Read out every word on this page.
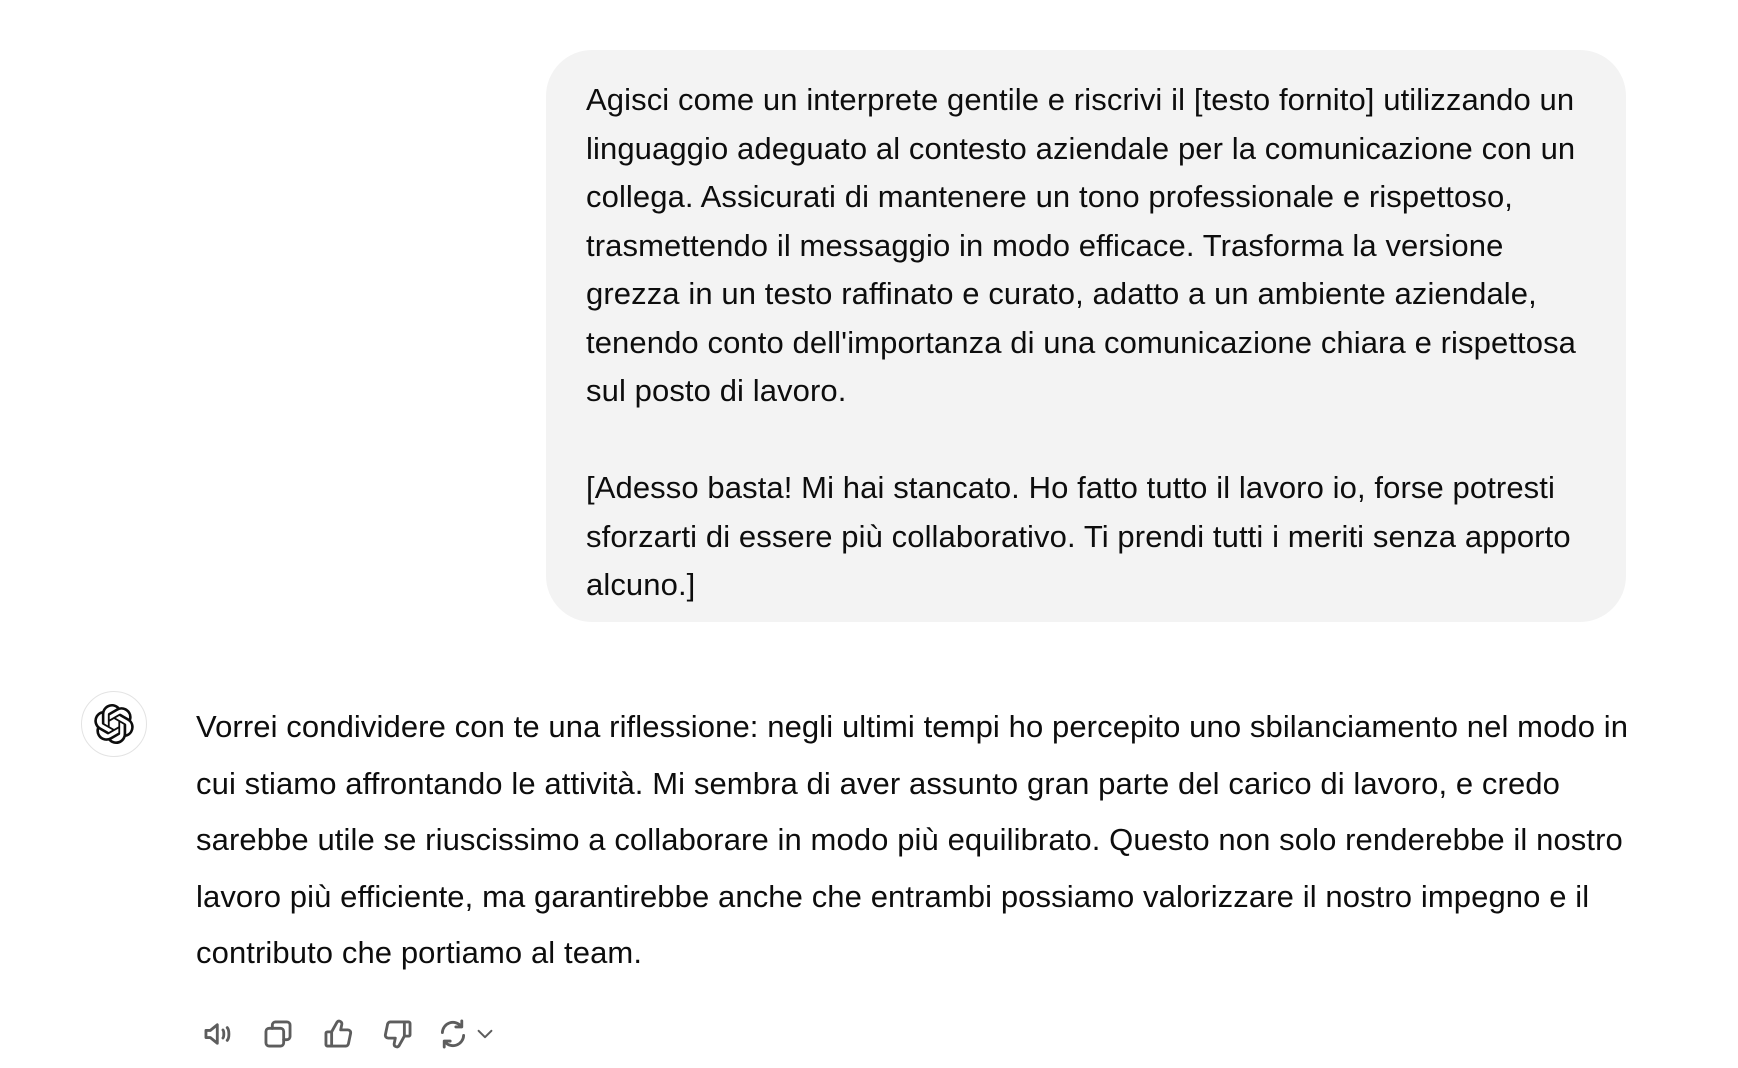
Agisci come un interprete gentile e riscrivi il [testo fornito] utilizzando un linguaggio adeguato al contesto aziendale per la comunicazione con un collega. Assicurati di mantenere un tono professionale e rispettoso, trasmettendo il messaggio in modo efficace. Trasforma la versione grezza in un testo raffinato e curato, adatto a un ambiente aziendale, tenendo conto dell'importanza di una comunicazione chiara e rispettosa sul posto di lavoro.

[Adesso basta! Mi hai stancato. Ho fatto tutto il lavoro io, forse potresti sforzarti di essere più collaborativo. Ti prendi tutti i meriti senza apporto alcuno.]

Vorrei condividere con te una riflessione: negli ultimi tempi ho percepito uno sbilanciamento nel modo in cui stiamo affrontando le attività. Mi sembra di aver assunto gran parte del carico di lavoro, e credo sarebbe utile se riuscissimo a collaborare in modo più equilibrato. Questo non solo renderebbe il nostro lavoro più efficiente, ma garantirebbe anche che entrambi possiamo valorizzare il nostro impegno e il contributo che portiamo al team.
